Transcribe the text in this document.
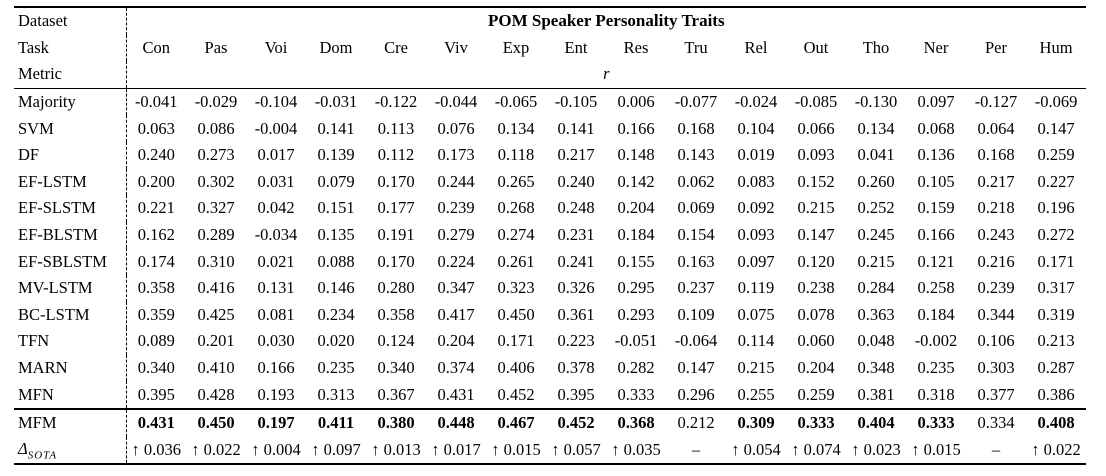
Dataset	POM Speaker Personality Traits															
Task	Con	Pas	Voi	Dom	Cre	Viv	Exp	Ent	Res	Tru	Rel	Out	Tho	Ner	Per	Hum
Metric	r															
Majority	-0.041	-0.029	-0.104	-0.031	-0.122	-0.044	-0.065	-0.105	0.006	-0.077	-0.024	-0.085	-0.130	0.097	-0.127	-0.069
SVM	0.063	0.086	-0.004	0.141	0.113	0.076	0.134	0.141	0.166	0.168	0.104	0.066	0.134	0.068	0.064	0.147
DF	0.240	0.273	0.017	0.139	0.112	0.173	0.118	0.217	0.148	0.143	0.019	0.093	0.041	0.136	0.168	0.259
EF-LSTM	0.200	0.302	0.031	0.079	0.170	0.244	0.265	0.240	0.142	0.062	0.083	0.152	0.260	0.105	0.217	0.227
EF-SLSTM	0.221	0.327	0.042	0.151	0.177	0.239	0.268	0.248	0.204	0.069	0.092	0.215	0.252	0.159	0.218	0.196
EF-BLSTM	0.162	0.289	-0.034	0.135	0.191	0.279	0.274	0.231	0.184	0.154	0.093	0.147	0.245	0.166	0.243	0.272
EF-SBLSTM	0.174	0.310	0.021	0.088	0.170	0.224	0.261	0.241	0.155	0.163	0.097	0.120	0.215	0.121	0.216	0.171
MV-LSTM	0.358	0.416	0.131	0.146	0.280	0.347	0.323	0.326	0.295	0.237	0.119	0.238	0.284	0.258	0.239	0.317
BC-LSTM	0.359	0.425	0.081	0.234	0.358	0.417	0.450	0.361	0.293	0.109	0.075	0.078	0.363	0.184	0.344	0.319
TFN	0.089	0.201	0.030	0.020	0.124	0.204	0.171	0.223	-0.051	-0.064	0.114	0.060	0.048	-0.002	0.106	0.213
MARN	0.340	0.410	0.166	0.235	0.340	0.374	0.406	0.378	0.282	0.147	0.215	0.204	0.348	0.235	0.303	0.287
MFN	0.395	0.428	0.193	0.313	0.367	0.431	0.452	0.395	0.333	0.296	0.255	0.259	0.381	0.318	0.377	0.386
MFM	0.431	0.450	0.197	0.411	0.380	0.448	0.467	0.452	0.368	0.212	0.309	0.333	0.404	0.333	0.334	0.408
$\Delta_{SOTA}$	↑ 0.036	↑ 0.022	↑ 0.004	↑ 0.097	↑ 0.013	↑ 0.017	↑ 0.015	↑ 0.057	↑ 0.035	–	↑ 0.054	↑ 0.074	↑ 0.023	↑ 0.015	–	↑ 0.022
